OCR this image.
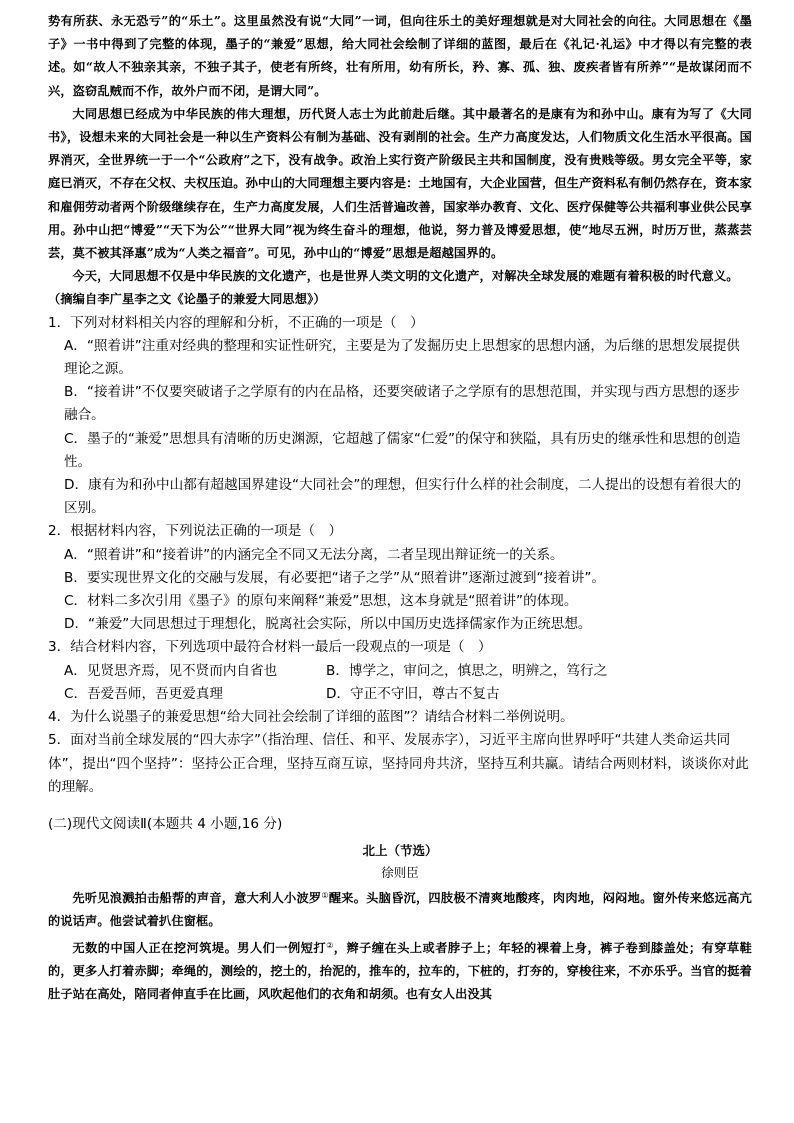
势有所获、永无恐亏”的“乐土”。这里虽然没有说“大同”一词，但向往乐土的美好理想就是对大同社会的向往。大同思想在《墨子》一书中得到了完整的体现，墨子的“兼爱”思想，给大同社会绘制了详细的蓝图，最后在《礼记·礼运》中才得以有完整的表述。如“故人不独亲其亲，不独子其子，使老有所终，壮有所用，幼有所长，矜、寡、孤、独、废疾者皆有所养”“是故谋闭而不兴，盗窃乱贼而不作，故外户而不闭，是谓大同”。

大同思想已经成为中华民族的伟大理想，历代贤人志士为此前赴后继。其中最著名的是康有为和孙中山。康有为写了《大同书》，设想未来的大同社会是一种以生产资料公有制为基础、没有剥削的社会。生产力高度发达，人们物质文化生活水平很高。国界消灭，全世界统一于一个“公政府”之下，没有战争。政治上实行资产阶级民主共和国制度，没有贵贱等级。男女完全平等，家庭已消灭，不存在父权、夫权压迫。孙中山的大同理想主要内容是：土地国有，大企业国营，但生产资料私有制仍然存在，资本家和雇佣劳动者两个阶级继续存在，生产力高度发展，人们生活普遍改善，国家举办教育、文化、医疗保健等公共福利事业供公民享用。孙中山把“博爱”“天下为公”“世界大同”视为终生奋斗的理想，他说，努力普及博爱思想，使“地尽五洲，时历万世，蒸蒸芸芸，莫不被其泽惠”成为“人类之福音”。可见，孙中山的“博爱”思想是超越国界的。

今天，大同思想不仅是中华民族的文化遗产，也是世界人类文明的文化遗产，对解决全球发展的难题有着积极的时代意义。

（摘编自李广星李之文《论墨子的兼爱大同思想》）

1．下列对材料相关内容的理解和分析，不正确的一项是（　）

A．“照着讲”注重对经典的整理和实证性研究，主要是为了发掘历史上思想家的思想内涵，为后继的思想发展提供理论之源。

B．“接着讲”不仅要突破诸子之学原有的内在品格，还要突破诸子之学原有的思想范围，并实现与西方思想的逐步融合。

C．墨子的“兼爱”思想具有清晰的历史渊源，它超越了儒家“仁爱”的保守和狭隘，具有历史的继承性和思想的创造性。

D．康有为和孙中山都有超越国界建设“大同社会”的理想，但实行什么样的社会制度，二人提出的设想有着很大的区别。

2．根据材料内容，下列说法正确的一项是（　）

A．“照着讲”和“接着讲”的内涵完全不同又无法分离，二者呈现出辩证统一的关系。

B．要实现世界文化的交融与发展，有必要把“诸子之学”从“照着讲”逐渐过渡到“接着讲”。

C．材料二多次引用《墨子》的原句来阐释“兼爱”思想，这本身就是“照着讲”的体现。

D．“兼爱”大同思想过于理想化，脱离社会实际，所以中国历史选择儒家作为正统思想。

3．结合材料内容，下列选项中最符合材料一最后一段观点的一项是（　）

A．见贤思齐焉，见不贤而内自省也	B．博学之，审问之，慎思之，明辨之，笃行之
C．吾爱吾师，吾更爱真理	D．守正不守旧，尊古不复古

4．为什么说墨子的兼爱思想“给大同社会绘制了详细的蓝图”？请结合材料二举例说明。

5．面对当前全球发展的“四大赤字”（指治理、信任、和平、发展赤字），习近平主席向世界呼吁“共建人类命运共同体”，提出“四个坚持”：坚持公正合理，坚持互商互谅，坚持同舟共济，坚持互利共赢。请结合两则材料，谈谈你对此的理解。

(二)现代文阅读Ⅱ(本题共 4 小题,16 分)

北上（节选）
徐则臣

先听见浪溅拍击船帮的声音，意大利人小波罗①醒来。头脑昏沉，四肢极不清爽地酸疼，肉肉地，闷闷地。窗外传来悠远高亢的说话声。他尝试着扒住窗框。

无数的中国人正在挖河筑堤。男人们一例短打②，辫子缠在头上或者脖子上；年轻的裸着上身，裤子卷到膝盖处；有穿草鞋的，更多人打着赤脚；牵绳的，测绘的，挖土的，抬泥的，推车的，拉车的，下桩的，打夯的，穿梭往来，不亦乐乎。当官的挺着肚子站在高处，陪同者伸直手在比画，风吹起他们的衣角和胡须。也有女人出没其
